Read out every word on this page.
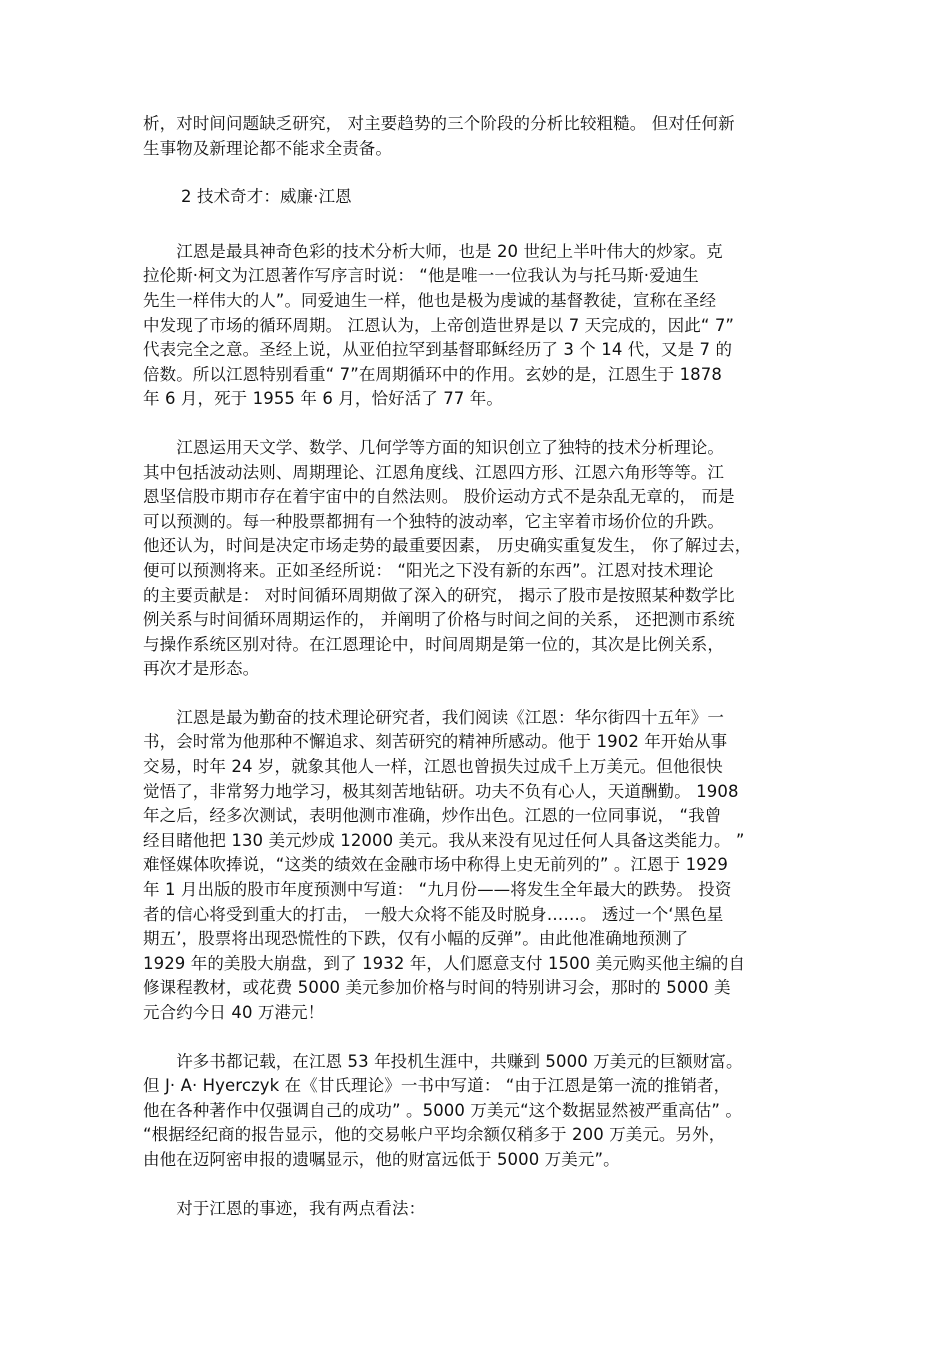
析，对时间问题缺乏研究， 对主要趋势的三个阶段的分析比较粗糙。 但对任何新
生事物及新理论都不能求全责备。
2 技术奇才：威廉·江恩
　　江恩是最具神奇色彩的技术分析大师，也是 20 世纪上半叶伟大的炒家。克
拉伦斯·柯文为江恩著作写序言时说： “他是唯一一位我认为与托马斯·爱迪生
先生一样伟大的人”。同爱迪生一样，他也是极为虔诚的基督教徒，宣称在圣经
中发现了市场的循环周期。 江恩认为，上帝创造世界是以 7 天完成的，因此“ 7”
代表完全之意。圣经上说，从亚伯拉罕到基督耶稣经历了 3 个 14 代，又是 7 的
倍数。所以江恩特别看重“ 7”在周期循环中的作用。玄妙的是，江恩生于 1878
年 6 月，死于 1955 年 6 月，恰好活了 77 年。
　　江恩运用天文学、数学、几何学等方面的知识创立了独特的技术分析理论。
其中包括波动法则、周期理论、江恩角度线、江恩四方形、江恩六角形等等。江
恩坚信股市期市存在着宇宙中的自然法则。 股价运动方式不是杂乱无章的， 而是
可以预测的。每一种股票都拥有一个独特的波动率，它主宰着市场价位的升跌。
他还认为，时间是决定市场走势的最重要因素， 历史确实重复发生， 你了解过去，
便可以预测将来。正如圣经所说： “阳光之下没有新的东西”。江恩对技术理论
的主要贡献是： 对时间循环周期做了深入的研究， 揭示了股市是按照某种数学比
例关系与时间循环周期运作的， 并阐明了价格与时间之间的关系， 还把测市系统
与操作系统区别对待。在江恩理论中，时间周期是第一位的，其次是比例关系，
再次才是形态。
　　江恩是最为勤奋的技术理论研究者，我们阅读《江恩：华尔街四十五年》一
书，会时常为他那种不懈追求、刻苦研究的精神所感动。他于 1902 年开始从事
交易，时年 24 岁，就象其他人一样，江恩也曾损失过成千上万美元。但他很快
觉悟了，非常努力地学习，极其刻苦地钻研。功夫不负有心人，天道酬勤。 1908
年之后，经多次测试，表明他测市准确，炒作出色。江恩的一位同事说， “我曾
经目睹他把 130 美元炒成 12000 美元。我从来没有见过任何人具备这类能力。 ”
难怪媒体吹捧说，“这类的绩效在金融市场中称得上史无前列的” 。江恩于 1929
年 1 月出版的股市年度预测中写道： “九月份——将发生全年最大的跌势。 投资
者的信心将受到重大的打击， 一般大众将不能及时脱身……。 透过一个‘黑色星
期五’，股票将出现恐慌性的下跌，仅有小幅的反弹”。由此他准确地预测了
1929 年的美股大崩盘，到了 1932 年，人们愿意支付 1500 美元购买他主编的自
修课程教材，或花费 5000 美元参加价格与时间的特别讲习会，那时的 5000 美
元合约今日 40 万港元！
　　许多书都记载，在江恩 53 年投机生涯中，共赚到 5000 万美元的巨额财富。
但 J· A· Hyerczyk 在《甘氏理论》一书中写道： “由于江恩是第一流的推销者，
他在各种著作中仅强调自己的成功” 。5000 万美元“这个数据显然被严重高估” 。
“根据经纪商的报告显示，他的交易帐户平均余额仅稍多于 200 万美元。另外，
由他在迈阿密申报的遗嘱显示，他的财富远低于 5000 万美元”。
　　对于江恩的事迹，我有两点看法：
